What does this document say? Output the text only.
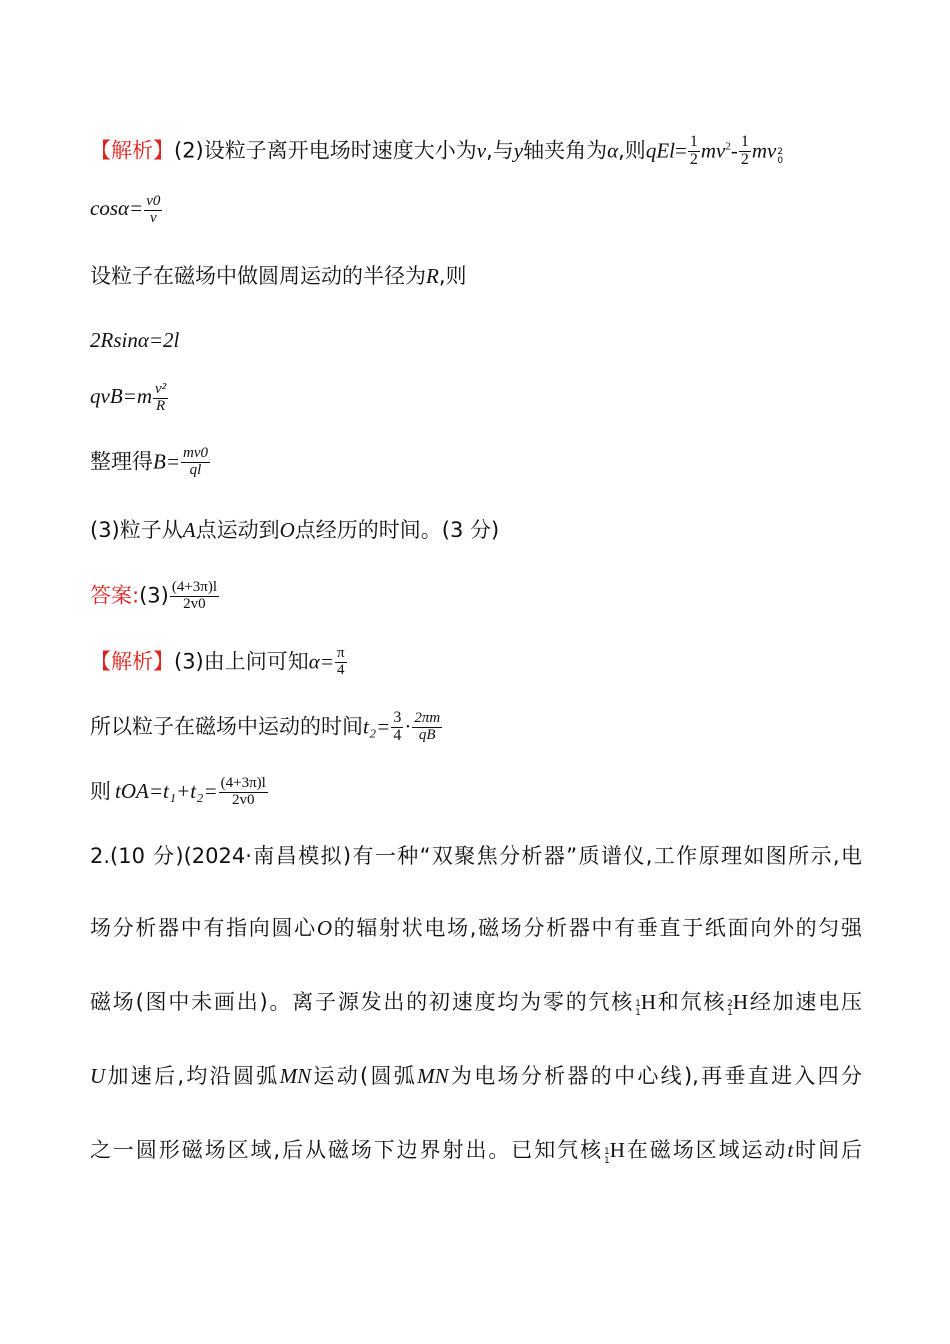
【解析】(2)设粒子离开电场时速度大小为v,与y轴夹角为α,则$qEl= \frac{1}{2} mv^2- \frac{1}{2}$ mv 2
0
$\cos\alpha= \frac{v0}{v}$
设粒子在磁场中做圆周运动的半径为R,则
2Rsinα=2l
$qvB=m \frac{\text{v²}}{R}$
整理得$B= \frac{mv0}{ql}$
(3)粒子从A点运动到O点经历的时间。(3 分)
答案:(3) $\frac{(4+3\pi)l}{2v0}$
【解析】(3)由上问可知$\alpha= \frac{\pi}{4}$
所以粒子在磁场中运动的时间$t_2= \frac{3}{4} \cdot \frac{2\pi m}{qB}$
则 $tOA=t_1+t_2= \frac{(4+3\pi)l}{2v0}$
2.(10 分)(2024·南昌模拟)有一种“双聚焦分析器”质谱仪,工作原理如图所示,电
场分析器中有指向圆心O的辐射状电场,磁场分析器中有垂直于纸面向外的匀强
磁场(图中未画出)。离子源发出的初速度均为零的氕核 1
1 H和氘核 2
1 H经加速电压
U加速后,均沿圆弧MN运动(圆弧MN为电场分析器的中心线),再垂直进入四分
之一圆形磁场区域,后从磁场下边界射出。已知氕核 1
1 H在磁场区域运动t时间后
